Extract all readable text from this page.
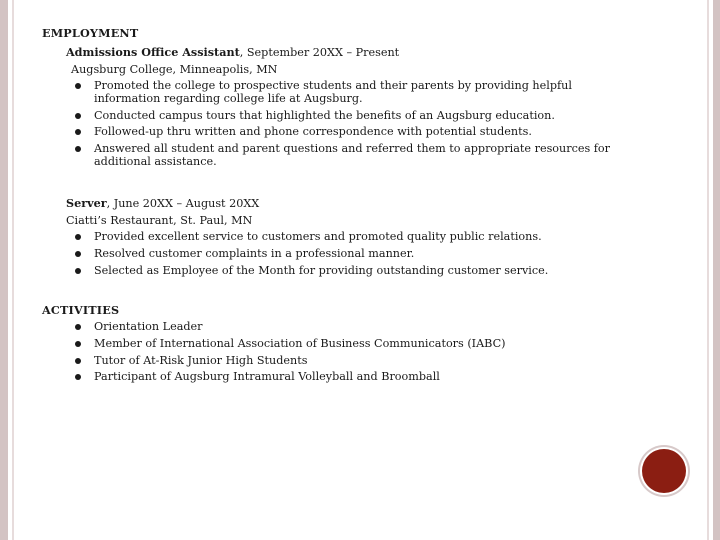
EMPLOYMENT
Admissions Office Assistant, September 20XX – Present
Augsburg College, Minneapolis, MN
Promoted the college to prospective students and their parents by providing helpful information regarding college life at Augsburg.
Conducted campus tours that highlighted the benefits of an Augsburg education.
Followed-up thru written and phone correspondence with potential students.
Answered all student and parent questions and referred them to appropriate resources for additional assistance.
Server, June 20XX – August 20XX
Ciatti’s Restaurant, St. Paul, MN
Provided excellent service to customers and promoted quality public relations.
Resolved customer complaints in a professional manner.
Selected as Employee of the Month for providing outstanding customer service.
ACTIVITIES
Orientation Leader
Member of International Association of Business Communicators (IABC)
Tutor of At-Risk Junior High Students
Participant of Augsburg Intramural Volleyball and Broomball
